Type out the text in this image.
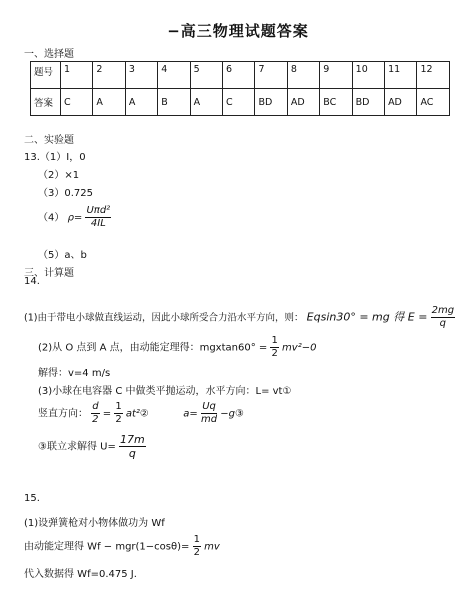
−高三物理试题答案
一、选择题
题号	1	2	3	4	5	6	7	8	9	10	11	12
答案	C	A	A	B	A	C	BD	AD	BC	BD	AD	AC
二、实验题
13.（1）I，0
（2）×1
（3）0.725
（4） $\rho= \frac{\text{Uπd²}}{4IL}$
（5）a、b
三、计算题
14.
(1)由于带电小球做直线运动，因此小球所受合力沿水平方向，则： Eqsin30° = mg 得 $E = \frac{2mg}{q}$
(2)从 O 点到 A 点，由动能定理得：$mgxtan60^\circ = \frac{1}{2} mv^2-0$
解得：v=4 m/s
(3)小球在电容器 C 中做类平抛运动，水平方向：L= vt①
竖直方向： $\frac{d}{2} = \frac{1}{2}$ at²②	$a= \frac{Uq}{md}$ −g③
③联立求解得 $U= \frac{17m}{q}$
15.
(1)设弹簧枪对小物体做功为 Wf
由动能定理得 $Wf - mgr(1-\cos\theta)= \frac{1}{2}$ mv
代入数据得 Wf=0.475 J.
